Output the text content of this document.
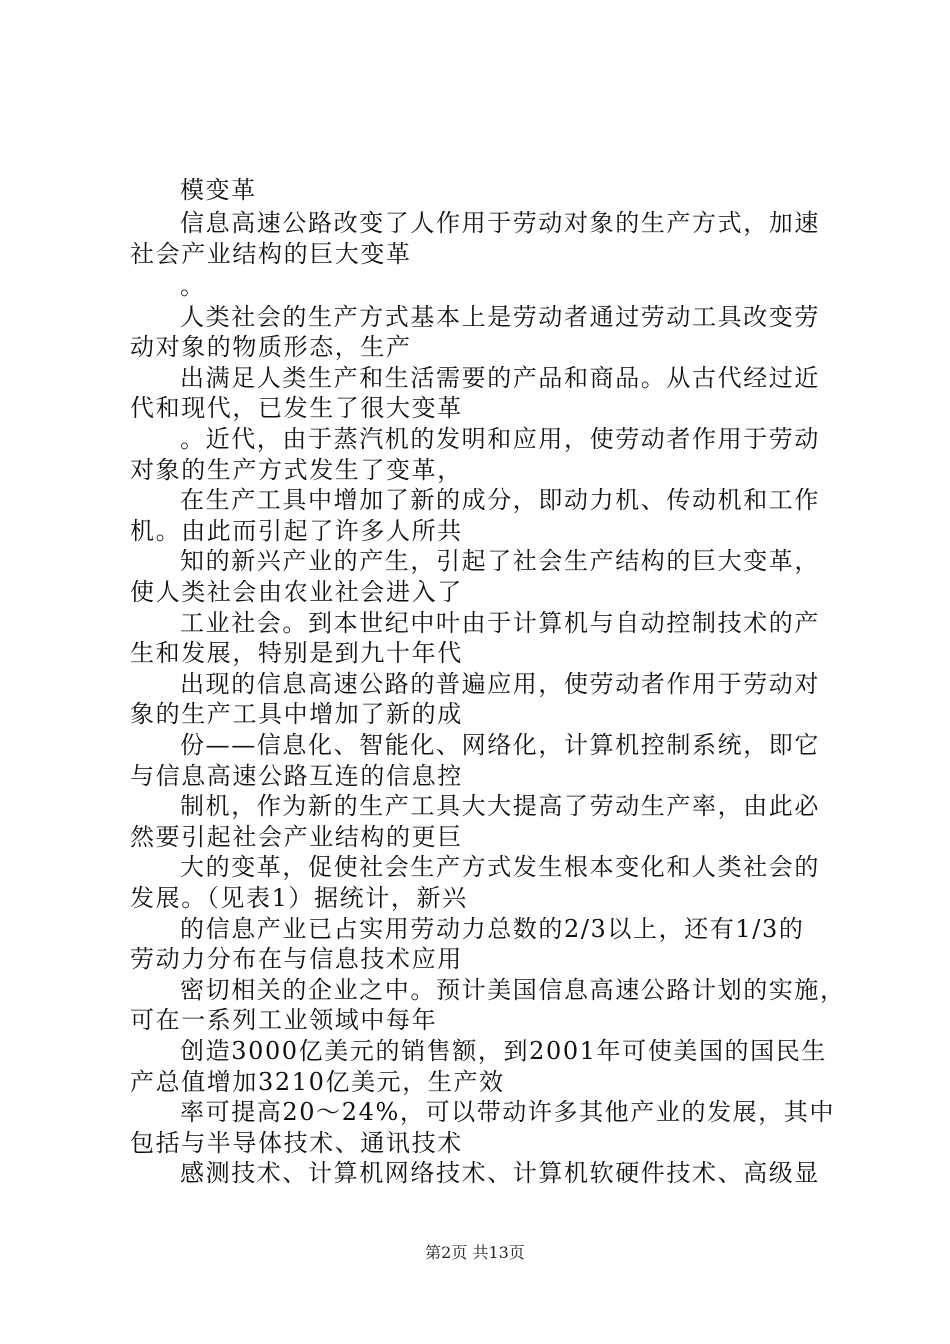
模变革
信息高速公路改变了人作用于劳动对象的生产方式，加速
社会产业结构的巨大变革
。
人类社会的生产方式基本上是劳动者通过劳动工具改变劳
动对象的物质形态，生产
出满足人类生产和生活需要的产品和商品。从古代经过近
代和现代，已发生了很大变革
。近代，由于蒸汽机的发明和应用，使劳动者作用于劳动
对象的生产方式发生了变革，
在生产工具中增加了新的成分，即动力机、传动机和工作
机。由此而引起了许多人所共
知的新兴产业的产生，引起了社会生产结构的巨大变革，
使人类社会由农业社会进入了
工业社会。到本世纪中叶由于计算机与自动控制技术的产
生和发展，特别是到九十年代
出现的信息高速公路的普遍应用，使劳动者作用于劳动对
象的生产工具中增加了新的成
份——信息化、智能化、网络化，计算机控制系统，即它
与信息高速公路互连的信息控
制机，作为新的生产工具大大提高了劳动生产率，由此必
然要引起社会产业结构的更巨
大的变革，促使社会生产方式发生根本变化和人类社会的
发展。（见表1）据统计，新兴
的信息产业已占实用劳动力总数的2/3以上，还有1/3的
劳动力分布在与信息技术应用
密切相关的企业之中。预计美国信息高速公路计划的实施，
可在一系列工业领域中每年
创造3000亿美元的销售额，到2001年可使美国的国民生
产总值增加3210亿美元，生产效
率可提高20～24%，可以带动许多其他产业的发展，其中
包括与半导体技术、通讯技术
感测技术、计算机网络技术、计算机软硬件技术、高级显
第2页 共13页
